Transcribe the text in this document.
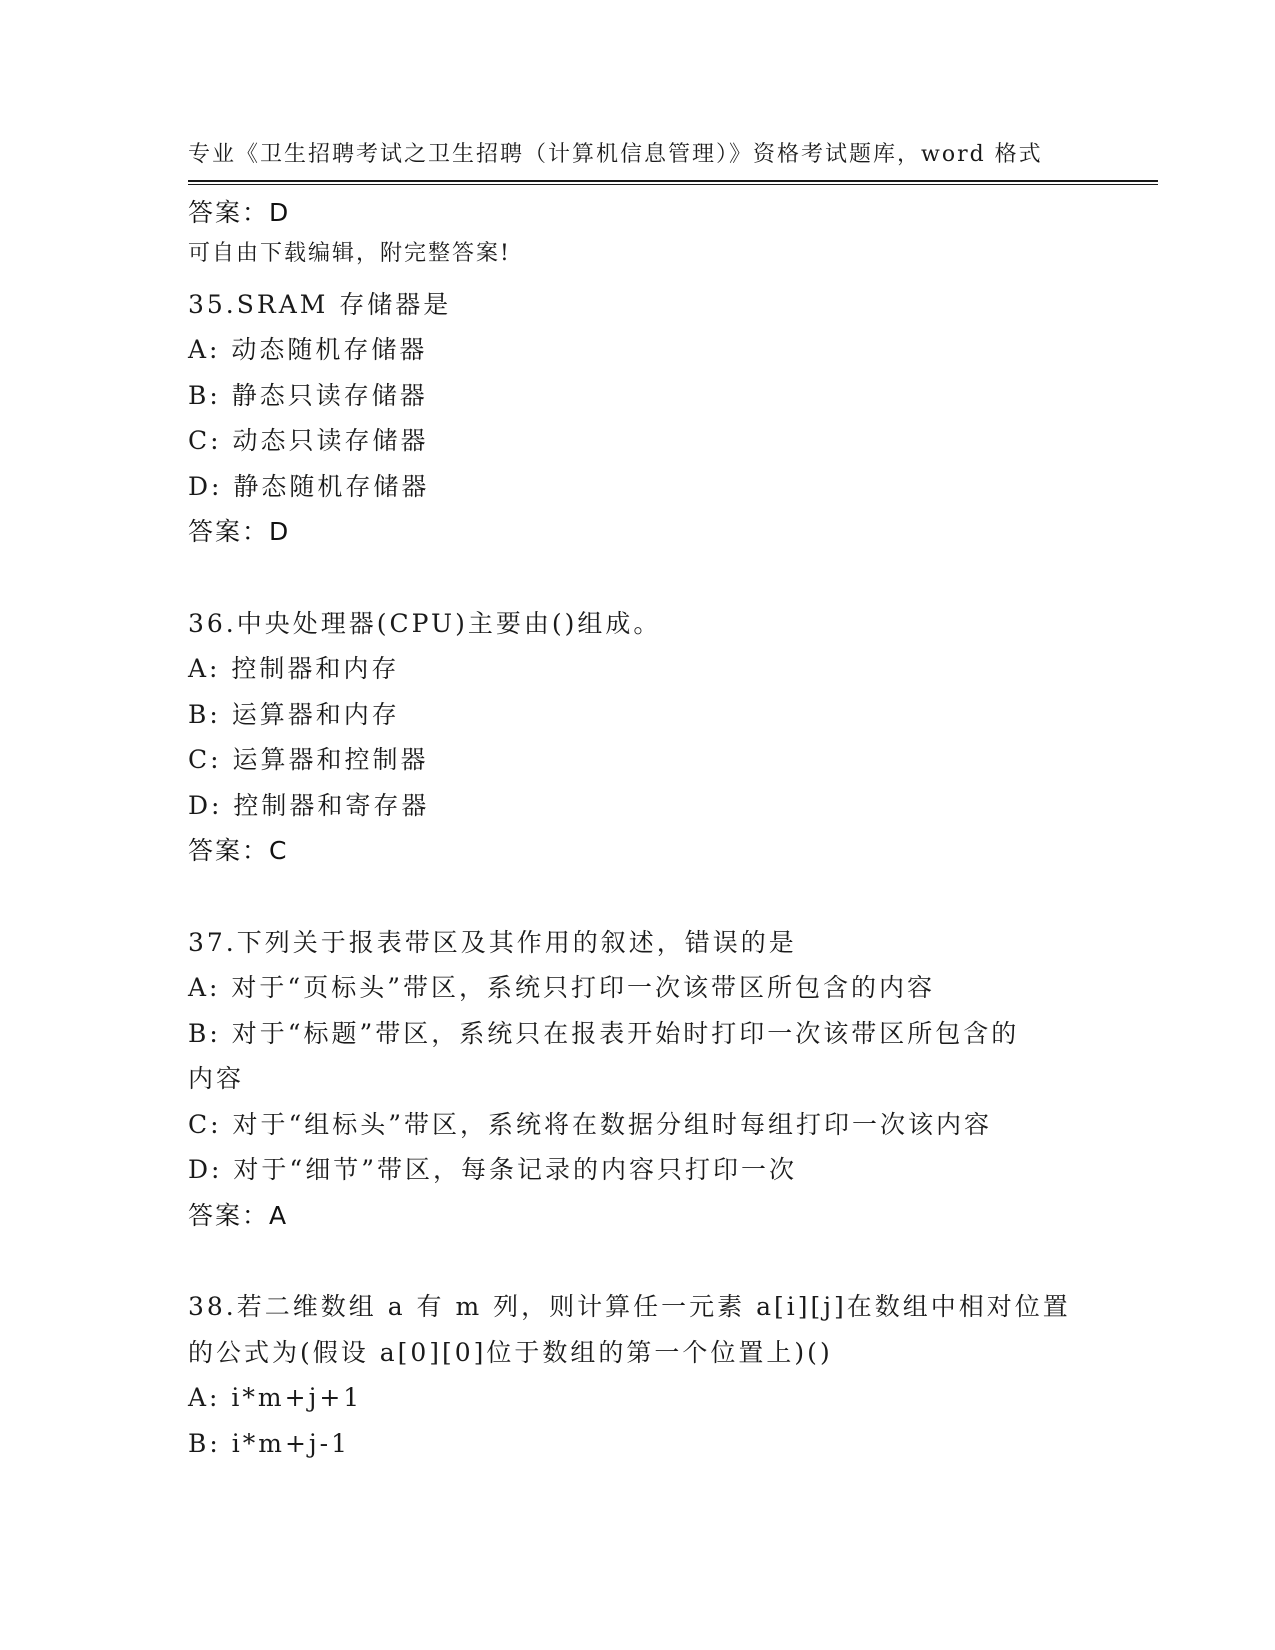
专业《卫生招聘考试之卫生招聘（计算机信息管理）》资格考试题库，word 格式

可自由下载编辑，附完整答案!

答案：D
35.SRAM 存储器是
A: 动态随机存储器
B: 静态只读存储器
C: 动态只读存储器
D: 静态随机存储器
答案：D
36.中央处理器(CPU)主要由()组成。
A: 控制器和内存
B: 运算器和内存
C: 运算器和控制器
D: 控制器和寄存器
答案：C
37.下列关于报表带区及其作用的叙述，错误的是
A: 对于“页标头”带区，系统只打印一次该带区所包含的内容
B: 对于“标题”带区，系统只在报表开始时打印一次该带区所包含的
内容
C: 对于“组标头”带区，系统将在数据分组时每组打印一次该内容
D: 对于“细节”带区，每条记录的内容只打印一次
答案：A
38.若二维数组 a 有 m 列，则计算任一元素 a[i][j]在数组中相对位置
的公式为(假设 a[0][0]位于数组的第一个位置上)()
A: i*m+j+1
B: i*m+j-1
